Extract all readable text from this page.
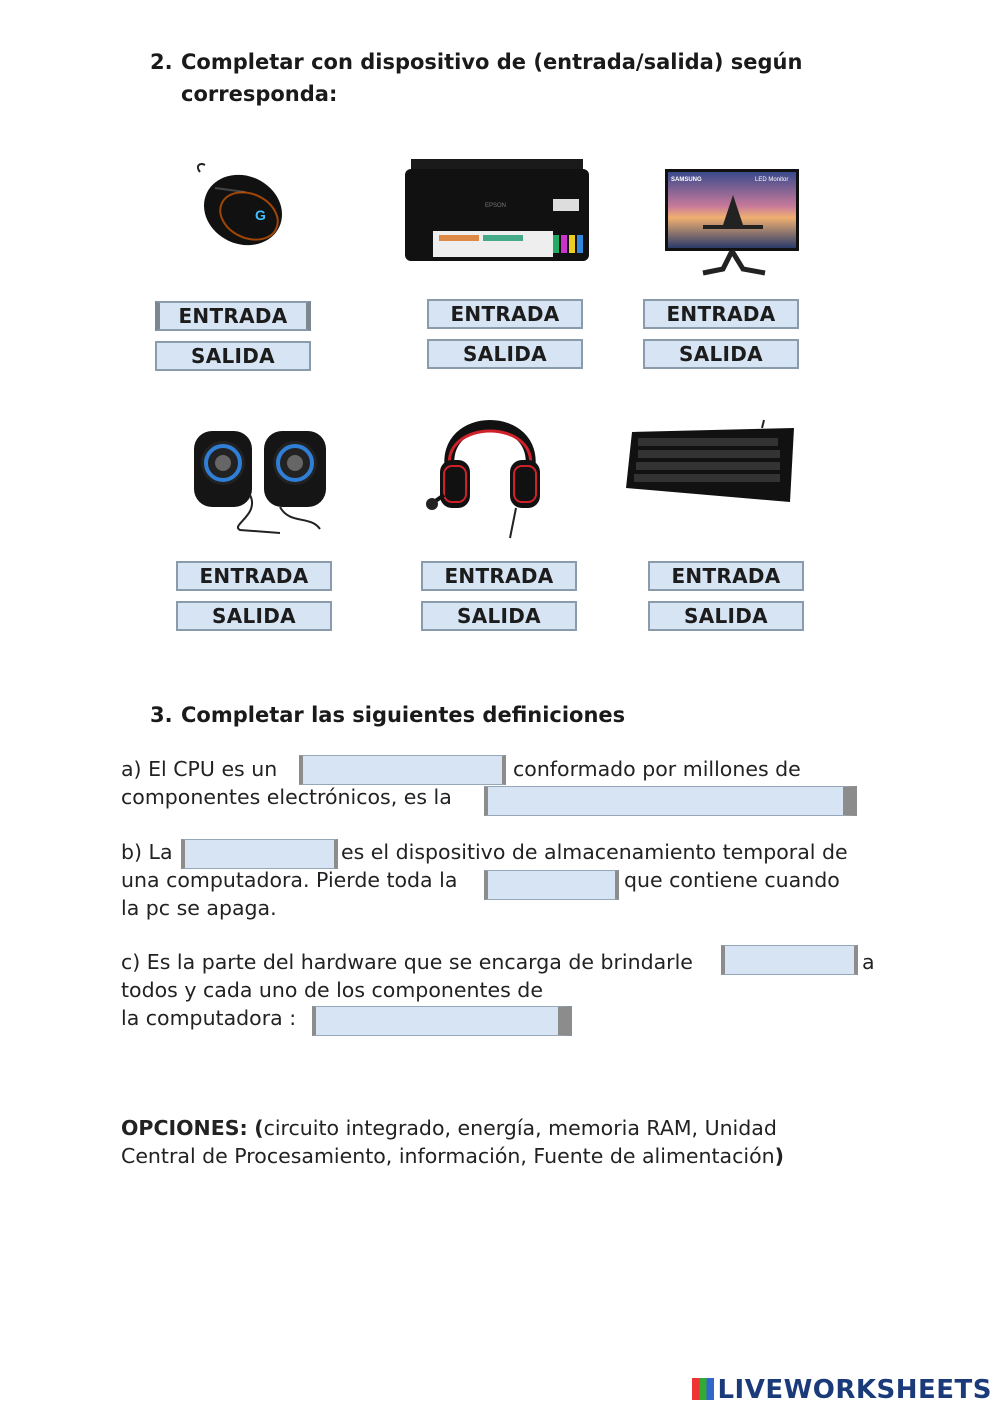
2. Completar con dispositivo de (entrada/salida) según
corresponda:
G
EPSON
SAMSUNG	LED Monitor
ENTRADA
SALIDA
ENTRADA
SALIDA
ENTRADA
SALIDA
ENTRADA
SALIDA
ENTRADA
SALIDA
ENTRADA
SALIDA
3. Completar las siguientes definiciones
a) El CPU es un	conformado por millones de
componentes electrónicos, es la
b) La	es el dispositivo de almacenamiento temporal de
una computadora. Pierde toda la	que contiene cuando
la pc se apaga.
c) Es la parte del hardware que se encarga de brindarle	a
todos y cada uno de los componentes de
la computadora :
OPCIONES: (circuito integrado, energía, memoria RAM, Unidad
Central de Procesamiento, información, Fuente de alimentación)
LIVEWORKSHEETS
